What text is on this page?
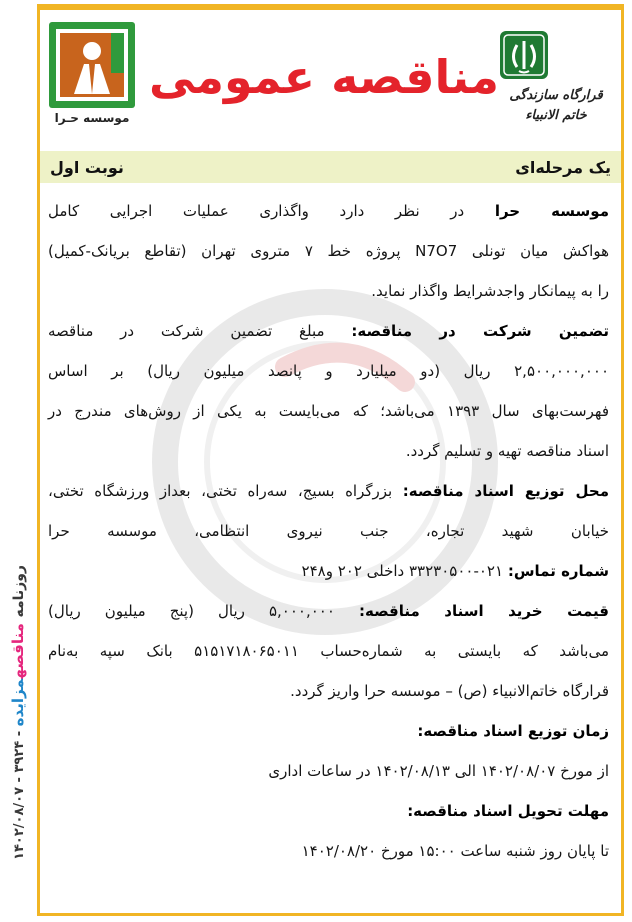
موسسه حـرا
مناقصه عمومی قرارگاه سازندگی خاتم الانبیاء
یک مرحله‌ای
نوبت اول
موسسه حرا در نظر دارد واگذاری عملیات اجرایی کامل
هواکش میان تونلی N7O7 پروژه خط ۷ متروی تهران (تقاطع بریانک-کمیل)
را به پیمانکار واجدشرایط واگذار نماید.
تضمین شرکت در مناقصه: مبلغ تضمین شرکت در مناقصه
۲,۵۰۰,۰۰۰,۰۰۰ ریال (دو میلیارد و پانصد میلیون ریال) بر اساس
فهرست‌بهای سال ۱۳۹۳ می‌باشد؛ که می‌بایست به یکی از روش‌های مندرج در
اسناد مناقصه تهیه و تسلیم گردد.
محل توزیع اسناد مناقصه: بزرگراه بسیج، سه‌راه تختی، بعداز ورزشگاه تختی،
خیابان شهید تجاره، جنب نیروی انتظامی، موسسه حرا
شماره تماس: ۰۲۱-۳۳۲۳۰۵۰۰ داخلی ۲۰۲ و۲۴۸
قیمت خرید اسناد مناقصه: ۵,۰۰۰,۰۰۰ ریال (پنج میلیون ریال)
می‌باشد که بایستی به شماره‌حساب ۵۱۵۱۷۱۸۰۶۵۰۱۱ بانک سپه به‌نام
قرارگاه خاتم‌الانبیاء (ص) – موسسه حرا واریز گردد.
زمان توزیع اسناد مناقصه:
از مورخ ۱۴۰۲/۰۸/۰۷ الی ۱۴۰۲/۰۸/۱۳ در ساعات اداری
مهلت تحویل اسناد مناقصه:
تا پایان روز شنبه ساعت ۱۵:۰۰ مورخ ۱۴۰۲/۰۸/۲۰
روزنامه مناقصهمزایده - ۳۹۲۴ - ۱۴۰۲/۰۸/۰۷
